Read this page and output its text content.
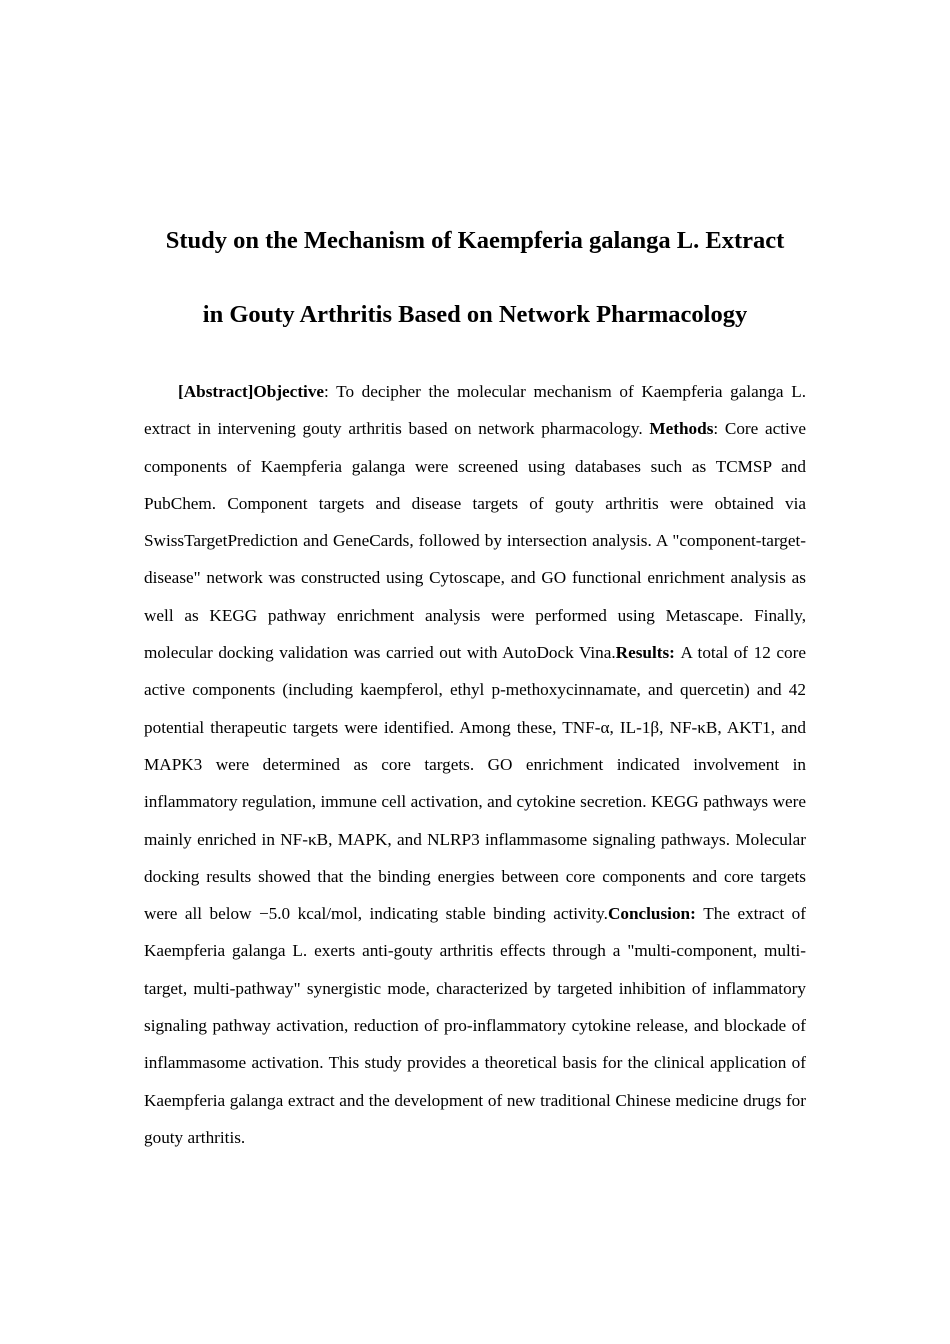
Study on the Mechanism of Kaempferia galanga L. Extract
in Gouty Arthritis Based on Network Pharmacology

[Abstract]Objective: To decipher the molecular mechanism of Kaempferia galanga L. extract in intervening gouty arthritis based on network pharmacology. Methods: Core active components of Kaempferia galanga were screened using databases such as TCMSP and PubChem. Component targets and disease targets of gouty arthritis were obtained via SwissTargetPrediction and GeneCards, followed by intersection analysis. A "component-target-disease" network was constructed using Cytoscape, and GO functional enrichment analysis as well as KEGG pathway enrichment analysis were performed using Metascape. Finally, molecular docking validation was carried out with AutoDock Vina.Results: A total of 12 core active components (including kaempferol, ethyl p-methoxycinnamate, and quercetin) and 42 potential therapeutic targets were identified. Among these, TNF-α, IL-1β, NF-κB, AKT1, and MAPK3 were determined as core targets. GO enrichment indicated involvement in inflammatory regulation, immune cell activation, and cytokine secretion. KEGG pathways were mainly enriched in NF-κB, MAPK, and NLRP3 inflammasome signaling pathways. Molecular docking results showed that the binding energies between core components and core targets were all below −5.0 kcal/mol, indicating stable binding activity.Conclusion: The extract of Kaempferia galanga L. exerts anti-gouty arthritis effects through a "multi-component, multi-target, multi-pathway" synergistic mode, characterized by targeted inhibition of inflammatory signaling pathway activation, reduction of pro-inflammatory cytokine release, and blockade of inflammasome activation. This study provides a theoretical basis for the clinical application of Kaempferia galanga extract and the development of new traditional Chinese medicine drugs for gouty arthritis.
